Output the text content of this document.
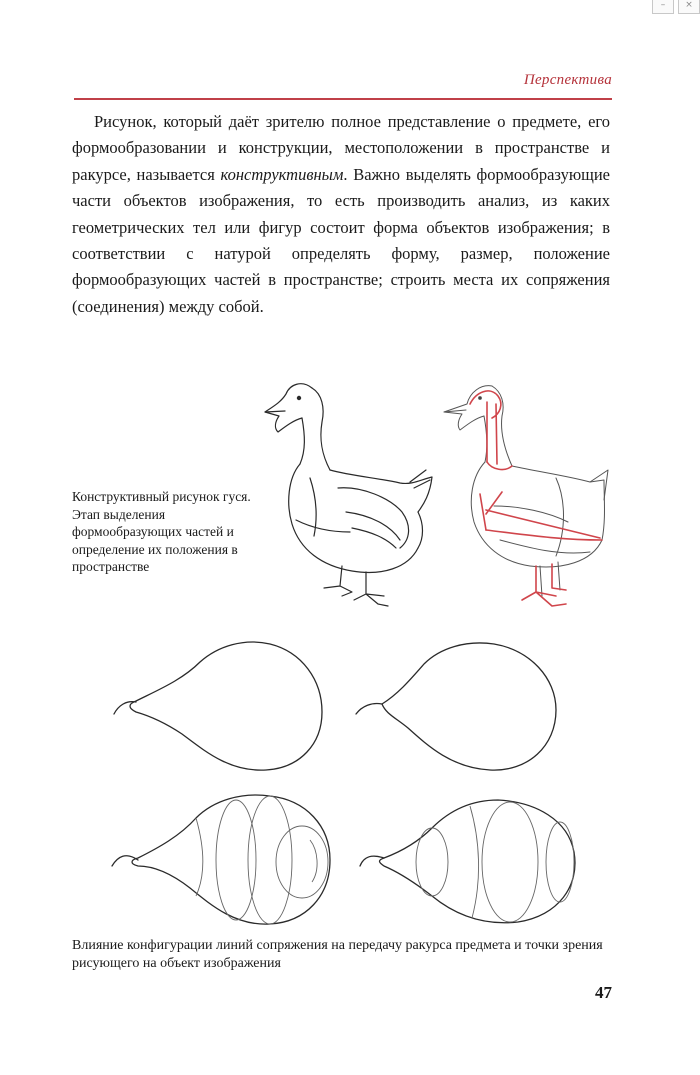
–	×
Перспектива

Рисунок, который даёт зрителю полное представление о предмете, его формообразовании и конструкции, местоположении в пространстве и ракурсе, называется конструктивным. Важно выделять формообразующие части объектов изображения, то есть производить анализ, из каких геометрических тел или фигур состоит форма объектов изображения; в соответствии с натурой определять форму, размер, положение формообразующих частей в пространстве; строить места их сопряжения (соединения) между собой.

Конструктивный рисунок гуся. Этап выделения формообразующих частей и определение их положения в пространстве

Влияние конфигурации линий сопряжения на передачу ракурса предмета и точки зрения рисующего на объект изображения

47
